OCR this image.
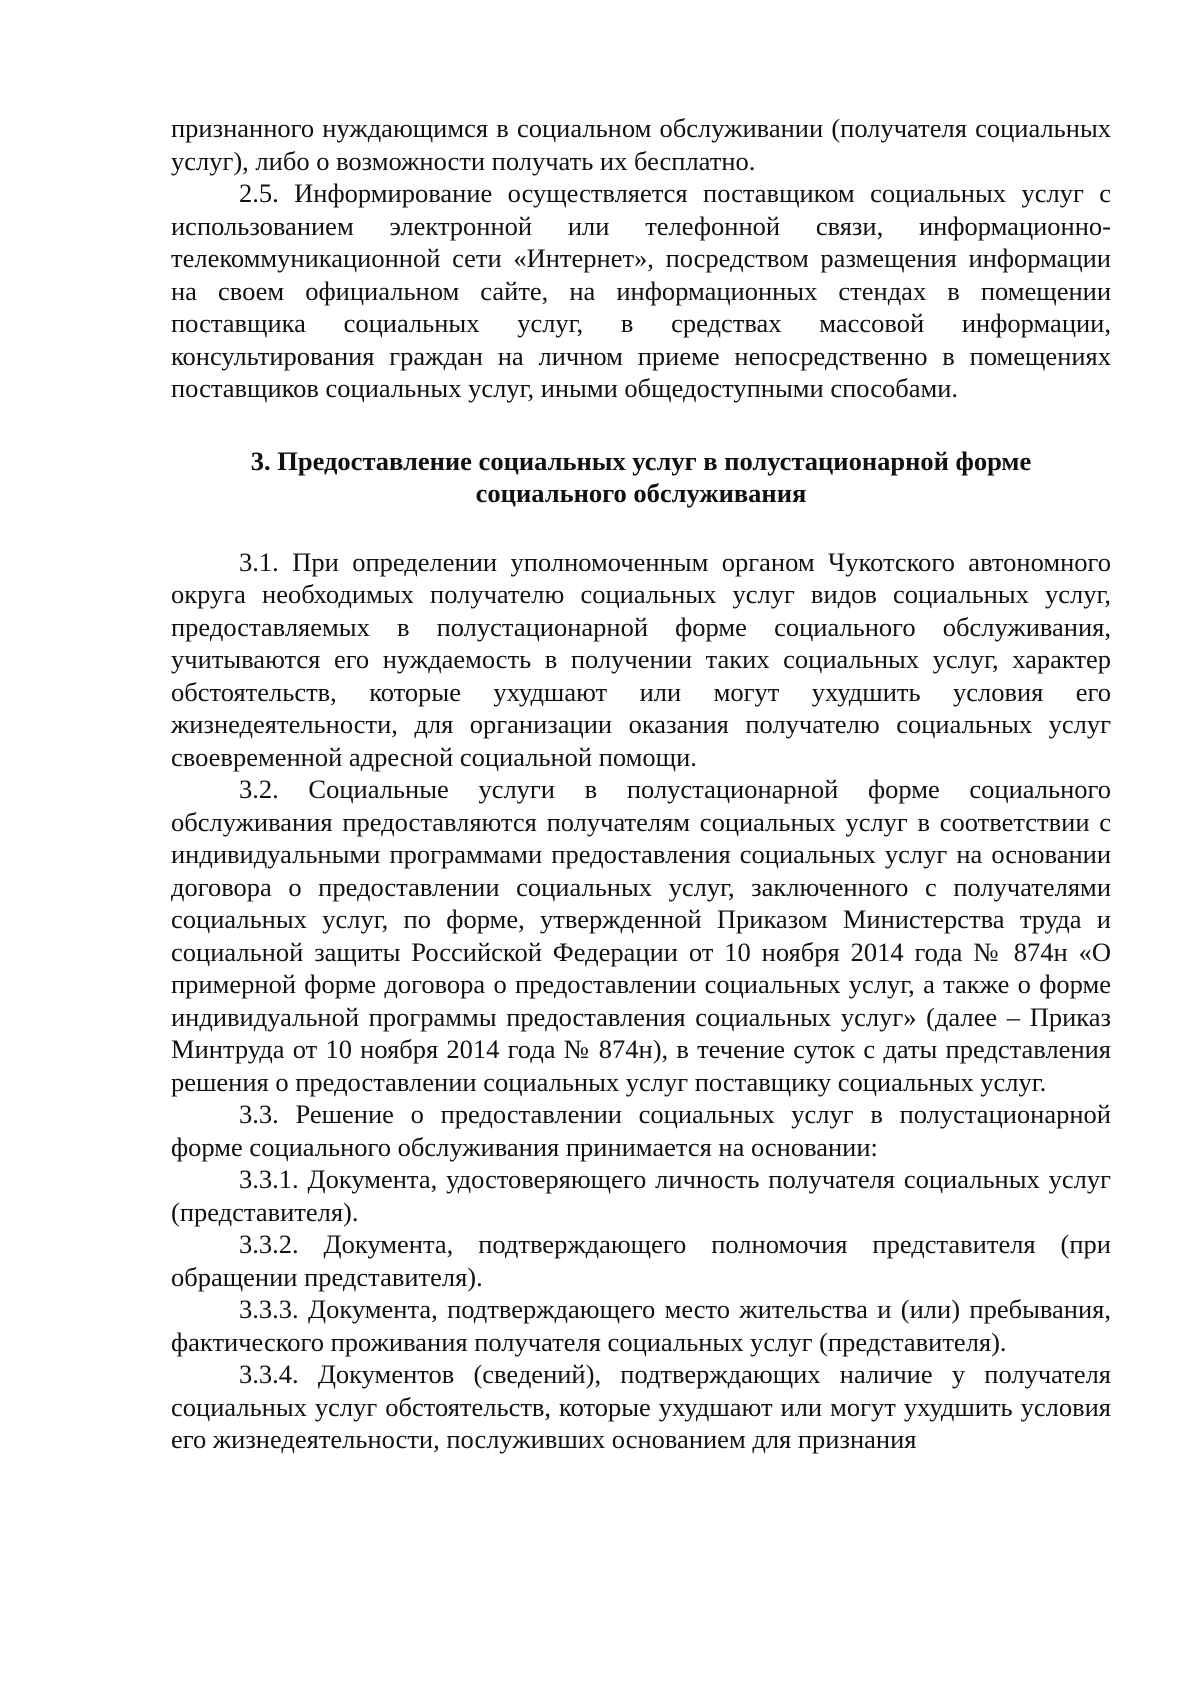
признанного нуждающимся в социальном обслуживании (получателя социальных услуг), либо о возможности получать их бесплатно.

2.5. Информирование осуществляется поставщиком социальных услуг с использованием электронной или телефонной связи, информационно-телекоммуникационной сети «Интернет», посредством размещения информации на своем официальном сайте, на информационных стендах в помещении поставщика социальных услуг, в средствах массовой информации, консультирования граждан на личном приеме непосредственно в помещениях поставщиков социальных услуг, иными общедоступными способами.

3. Предоставление социальных услуг в полустационарной форме
социального обслуживания

3.1. При определении уполномоченным органом Чукотского автономного округа необходимых получателю социальных услуг видов социальных услуг, предоставляемых в полустационарной форме социального обслуживания, учитываются его нуждаемость в получении таких социальных услуг, характер обстоятельств, которые ухудшают или могут ухудшить условия его жизнедеятельности, для организации оказания получателю социальных услуг своевременной адресной социальной помощи.

3.2. Социальные услуги в полустационарной форме социального обслуживания предоставляются получателям социальных услуг в соответствии с индивидуальными программами предоставления социальных услуг на основании договора о предоставлении социальных услуг, заключенного с получателями социальных услуг, по форме, утвержденной Приказом Министерства труда и социальной защиты Российской Федерации от 10 ноября 2014 года № 874н «О примерной форме договора о предоставлении социальных услуг, а также о форме индивидуальной программы предоставления социальных услуг» (далее – Приказ Минтруда от 10 ноября 2014 года № 874н), в течение суток с даты представления решения о предоставлении социальных услуг поставщику социальных услуг.

3.3. Решение о предоставлении социальных услуг в полустационарной форме социального обслуживания принимается на основании:

3.3.1. Документа, удостоверяющего личность получателя социальных услуг (представителя).

3.3.2. Документа, подтверждающего полномочия представителя (при обращении представителя).

3.3.3. Документа, подтверждающего место жительства и (или) пребывания, фактического проживания получателя социальных услуг (представителя).

3.3.4. Документов (сведений), подтверждающих наличие у получателя социальных услуг обстоятельств, которые ухудшают или могут ухудшить условия его жизнедеятельности, послуживших основанием для признания
